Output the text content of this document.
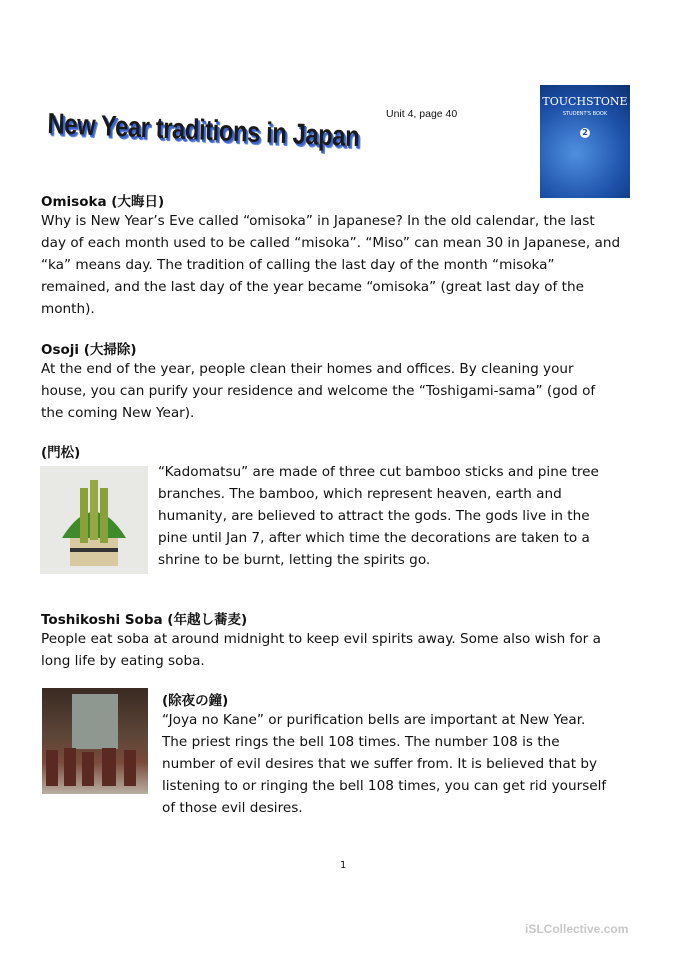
New Year traditions in Japan	Unit 4, page 40
TOUCHSTONE
STUDENT'S BOOK
2
Omisoka (大晦日)
Why is New Year’s Eve called “omisoka” in Japanese? In the old calendar, the last
day of each month used to be called “misoka”. “Miso” can mean 30 in Japanese, and
“ka” means day. The tradition of calling the last day of the month “misoka”
remained, and the last day of the year became “omisoka” (great last day of the
month).
Osoji (大掃除)
At the end of the year, people clean their homes and offices. By cleaning your
house, you can purify your residence and welcome the “Toshigami-sama” (god of
the coming New Year).
(門松)
“Kadomatsu” are made of three cut bamboo sticks and pine tree
branches. The bamboo, which represent heaven, earth and
humanity, are believed to attract the gods. The gods live in the
pine until Jan 7, after which time the decorations are taken to a
shrine to be burnt, letting the spirits go.
Toshikoshi Soba (年越し蕎麦)
People eat soba at around midnight to keep evil spirits away. Some also wish for a
long life by eating soba.
(除夜の鐘)
“Joya no Kane” or purification bells are important at New Year.
The priest rings the bell 108 times. The number 108 is the
number of evil desires that we suffer from. It is believed that by
listening to or ringing the bell 108 times, you can get rid yourself
of those evil desires.
1
iSLCollective.com
